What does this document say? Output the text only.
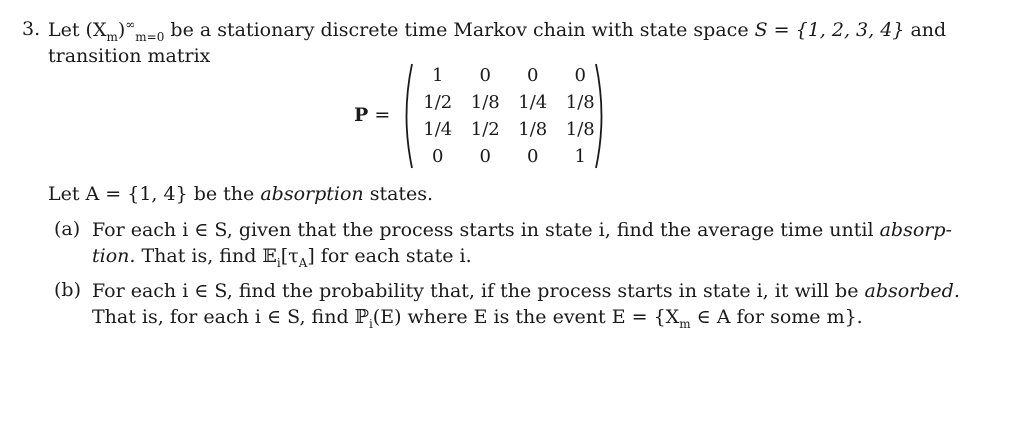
3. Let $(X_m)^\infty_{m=0}$ be a stationary discrete time Markov chain with state space S = {1, 2, 3, 4} and
transition matrix
P =
1	0	0	0
1/2	1/8	1/4	1/8
1/4	1/2	1/8	1/8
0	0	0	1
Let A = {1, 4} be the absorption states.
(a) For each i ∈ S, given that the process starts in state i, find the average time until absorp-
tion. That is, find $𝔼_i[\tau_A]$ for each state i.
(b) For each i ∈ S, find the probability that, if the process starts in state i, it will be absorbed.
That is, for each i ∈ S, find ℙ$_i$(E) where E is the event $E = \{X_m$ ∈ A for some m}.
